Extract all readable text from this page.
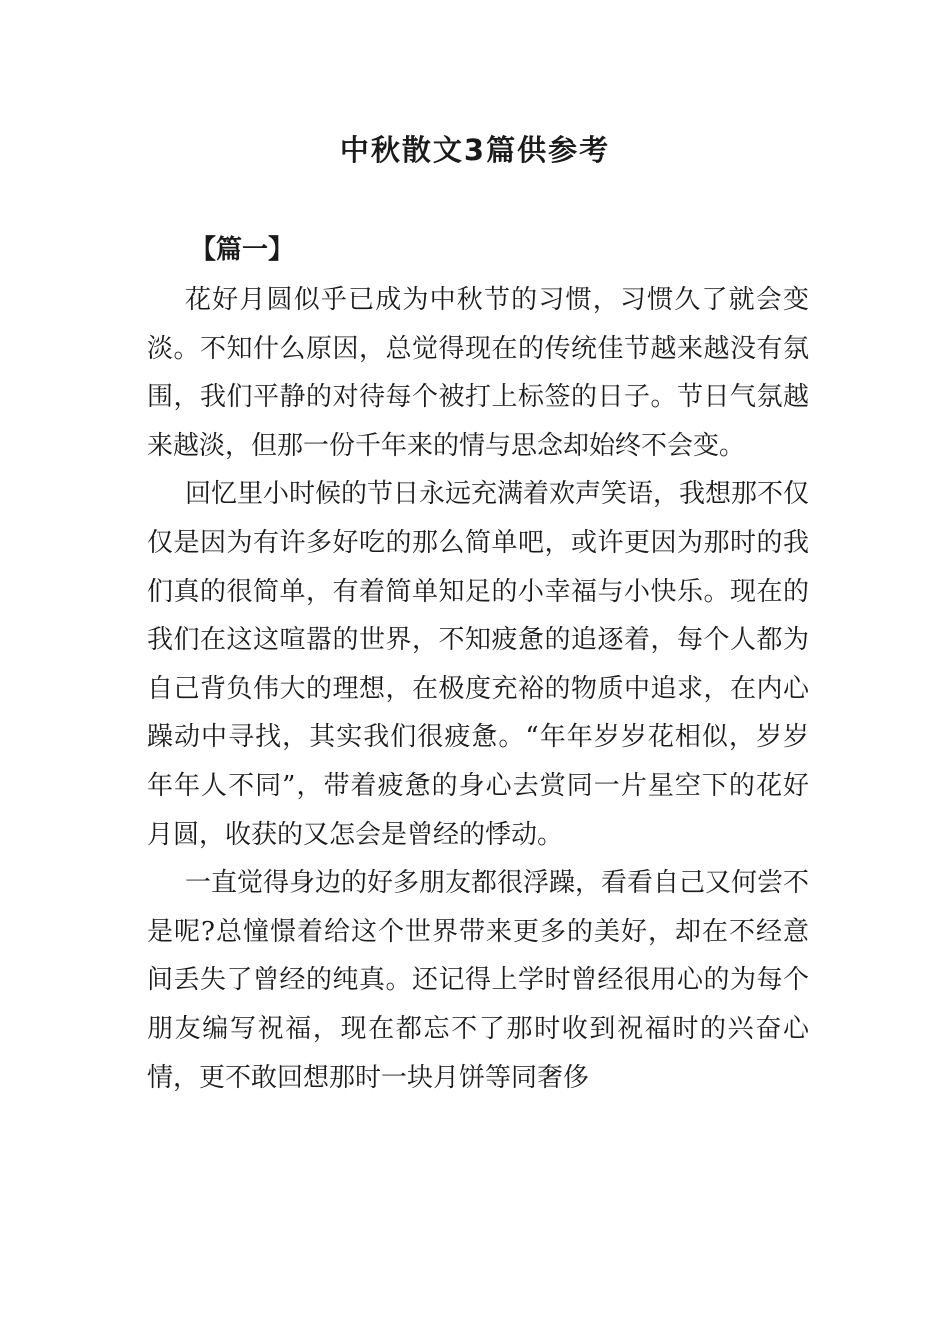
中秋散文3篇供参考
【篇一】

花好月圆似乎已成为中秋节的习惯，习惯久了就会变淡。不知什么原因，总觉得现在的传统佳节越来越没有氛围，我们平静的对待每个被打上标签的日子。节日气氛越来越淡，但那一份千年来的情与思念却始终不会变。

回忆里小时候的节日永远充满着欢声笑语，我想那不仅仅是因为有许多好吃的那么简单吧，或许更因为那时的我们真的很简单，有着简单知足的小幸福与小快乐。现在的我们在这这喧嚣的世界，不知疲惫的追逐着，每个人都为自己背负伟大的理想，在极度充裕的物质中追求，在内心躁动中寻找，其实我们很疲惫。“年年岁岁花相似，岁岁年年人不同”，带着疲惫的身心去赏同一片星空下的花好月圆，收获的又怎会是曾经的悸动。

一直觉得身边的好多朋友都很浮躁，看看自己又何尝不是呢?总憧憬着给这个世界带来更多的美好，却在不经意间丢失了曾经的纯真。还记得上学时曾经很用心的为每个朋友编写祝福，现在都忘不了那时收到祝福时的兴奋心情，更不敢回想那时一块月饼等同奢侈
